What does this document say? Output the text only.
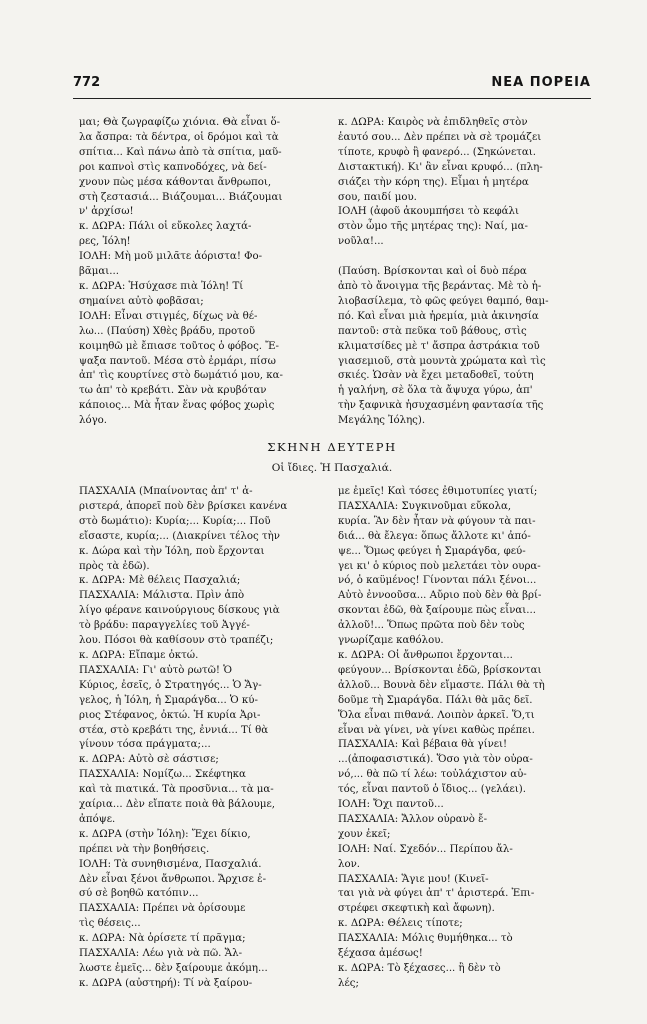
772	ΝΕΑ ΠΟΡΕΙΑ

μαι; Θὰ ζωγραφίζω χιόνια. Θὰ εἶναι ὅ-

λα ἄσπρα: τὰ δέντρα, οἱ δρόμοι καὶ τὰ

σπίτια... Καὶ πάνω ἀπὸ τὰ σπίτια, μαῦ-

ροι καπνοὶ στὶς καπνοδόχες, νὰ δεί-

χνουν πὼς μέσα κάθονται ἄνθρωποι,

στὴ ζεστασιά... Βιάζουμαι... Βιάζουμαι

ν' ἀρχίσω!

κ. ΔΩΡΑ: Πάλι οἱ εὔκολες λαχτά-

ρες, Ἰόλη!

ΙΟΛΗ: Μὴ μοῦ μιλᾶτε ἀόριστα! Φο-

βᾶμαι...

κ. ΔΩΡΑ: Ἡσύχασε πιὰ Ἰόλη! Τί

σημαίνει αὐτὸ φοβᾶσαι;

ΙΟΛΗ: Εἶναι στιγμές, δίχως νὰ θέ-

λω... (Παύση) Χθὲς βράδυ, προτοῦ

κοιμηθῶ μὲ ἔπιασε τοῦτος ὁ φόβος. Ἔ-

ψαξα παντοῦ. Μέσα στὸ ἐρμάρι, πίσω

ἀπ' τὶς κουρτίνες στὸ δωμάτιό μου, κα-

τω ἀπ' τὸ κρεβάτι. Σὰν νὰ κρυβόταν

κάποιος... Μὰ ἦταν ἕνας φόβος χωρὶς

λόγο.

κ. ΔΩΡΑ: Καιρὸς νὰ ἐπιδληθεῖς στὸν

ἑαυτό σου... Δὲν πρέπει νὰ σὲ τρομάζει

τίποτε, κρυφὸ ἢ φανερό... (Σηκώνεται.

Διστακτική). Κι' ἂν εἶναι κρυφό... (πλη-

σιάζει τὴν κόρη της). Εἶμαι ἡ μητέρα

σου, παιδί μου.

ΙΟΛΗ (ἀφοῦ ἀκουμπήσει τὸ κεφάλι

στὸν ὦμο τῆς μητέρας της): Ναί, μα-

νοῦλα!...

(Παύση. Βρίσκονται καὶ οἱ δυὸ πέρα

ἀπὸ τὸ ἄνοιγμα τῆς βεράντας. Μὲ τὸ ἡ-

λιοβασίλεμα, τὸ φῶς φεύγει θαμπό, θαμ-

πό. Καὶ εἶναι μιὰ ἠρεμία, μιὰ ἀκινησία

παντοῦ: στὰ πεῦκα τοῦ βάθους, στὶς

κλιματσίδες μὲ τ' ἄσπρα ἀστράκια τοῦ

γιασεμιοῦ, στὰ μουντὰ χρώματα καὶ τὶς

σκιές. Ὡσὰν νὰ ἔχει μεταδοθεῖ, τούτη

ἡ γαλήνη, σὲ ὅλα τὰ ἄψυχα γύρω, ἀπ'

τὴν ξαφνικὰ ἡσυχασμένη φαντασία τῆς

Μεγάλης Ἰόλης).

ΣΚΗΝΗ ΔΕΥΤΕΡΗ
Οἱ ἴδιες. Ἡ Πασχαλιά.

ΠΑΣΧΑΛΙΑ (Μπαίνοντας ἀπ' τ' ἀ-

ριστερά, ἀπορεῖ ποὺ δὲν βρίσκει κανένα

στὸ δωμάτιο): Κυρία;... Κυρία;... Ποῦ

εἴσαστε, κυρία;... (Διακρίνει τέλος τὴν

κ. Δώρα καὶ τὴν Ἰόλη, ποὺ ἔρχονται

πρὸς τὰ ἐδῶ).

κ. ΔΩΡΑ: Μὲ θέλεις Πασχαλιά;

ΠΑΣΧΑΛΙΑ: Μάλιστα. Πρὶν ἀπὸ

λίγο φέρανε καινούργιους δίσκους γιὰ

τὸ βράδυ: παραγγελίες τοῦ Ἀγγέ-

λου. Πόσοι θὰ καθίσουν στὸ τραπέζι;

κ. ΔΩΡΑ: Εἴπαμε ὀκτώ.

ΠΑΣΧΑΛΙΑ: Γι' αὐτὸ ρωτῶ! Ὁ

Κύριος, ἐσεῖς, ὁ Στρατηγός... Ὁ Ἄγ-

γελος, ἡ Ἰόλη, ἡ Σμαράγδα... Ὁ κύ-

ριος Στέφανος, ὀκτώ. Ἡ κυρία Ἀρι-

στέα, στὸ κρεβάτι της, ἐννιά... Τί θὰ

γίνουν τόσα πράγματα;...

κ. ΔΩΡΑ: Αὐτὸ σὲ σάστισε;

ΠΑΣΧΑΛΙΑ: Νομίζω... Σκέφτηκα

καὶ τὰ πιατικά. Τὰ προσῦνια... τὰ μα-

χαίρια... Δὲν εἴπατε ποιὰ θὰ βάλουμε,

ἀπόψε.

κ. ΔΩΡΑ (στὴν Ἰόλη): Ἔχει δίκιο,

πρέπει νὰ τὴν βοηθήσεις.

ΙΟΛΗ: Τὰ συνηθισμένα, Πασχαλιά.

Δὲν εἶναι ξένοι ἄνθρωποι. Ἄρχισε ἐ-

σύ σὲ βοηθῶ κατόπιν...

ΠΑΣΧΑΛΙΑ: Πρέπει νὰ ὁρίσουμε

τὶς θέσεις...

κ. ΔΩΡΑ: Νὰ ὁρίσετε τί πρᾶγμα;

ΠΑΣΧΑΛΙΑ: Λέω γιὰ νὰ πῶ. Ἄλ-

λωστε ἐμεῖς... δὲν ξαίρουμε ἀκόμη...

κ. ΔΩΡΑ (αὐστηρή): Τί νὰ ξαίρου-

με ἐμεῖς! Καὶ τόσες ἐθιμοτυπίες γιατί;

ΠΑΣΧΑΛΙΑ: Συγκινοῦμαι εὔκολα,

κυρία. Ἂν δὲν ἦταν νὰ φύγουν τὰ παι-

διά... θὰ ἔλεγα: ὅπως ἄλλοτε κι' ἀπό-

ψε... Ὅμως φεύγει ἡ Σμαράγδα, φεύ-

γει κι' ὁ κύριος ποὺ μελετάει τὸν ουρα-

νό, ὁ καϋμένος! Γίνονται πάλι ξένοι...

Αὐτὸ ἐννοοῦσα... Αὔριο ποὺ δὲν θὰ βρί-

σκονται ἐδῶ, θὰ ξαίρουμε πὼς εἶναι...

ἀλλοῦ!... Ὅπως πρῶτα ποὺ δὲν τοὺς

γνωρίζαμε καθόλου.

κ. ΔΩΡΑ: Οἱ ἄνθρωποι ἔρχονται...

φεύγουν... Βρίσκονται ἐδῶ, βρίσκονται

ἀλλοῦ... Βουνὰ δὲν εἴμαστε. Πάλι θὰ τὴ

δοῦμε τὴ Σμαράγδα. Πάλι θὰ μᾶς δεῖ.

Ὅλα εἶναι πιθανά. Λοιπὸν ἀρκεῖ. Ὅ,τι

εἶναι νὰ γίνει, νὰ γίνει καθὼς πρέπει.

ΠΑΣΧΑΛΙΑ: Καὶ βέβαια θὰ γίνει!

...(ἀποφασιστικά). Ὅσο γιὰ τὸν οὐρα-

νό,... θὰ πῶ τί λέω: τοὐλάχιστον αὐ-

τός, εἶναι παντοῦ ὁ ἴδιος... (γελάει).

ΙΟΛΗ: Ὄχι παντοῦ...

ΠΑΣΧΑΛΙΑ: Ἄλλον οὐρανὸ ἔ-

χουν ἐκεῖ;

ΙΟΛΗ: Ναί. Σχεδόν... Περίπου ἄλ-

λον.

ΠΑΣΧΑΛΙΑ: Ἅγιε μου! (Κινεῖ-

ται γιὰ νὰ φύγει ἀπ' τ' ἀριστερά. Ἐπι-

στρέφει σκεφτικὴ καὶ ἄφωνη).

κ. ΔΩΡΑ: Θέλεις τίποτε;

ΠΑΣΧΑΛΙΑ: Μόλις θυμήθηκα... τὸ

ξέχασα ἀμέσως!

κ. ΔΩΡΑ: Τὸ ξέχασες... ἢ δὲν τὸ

λές;
